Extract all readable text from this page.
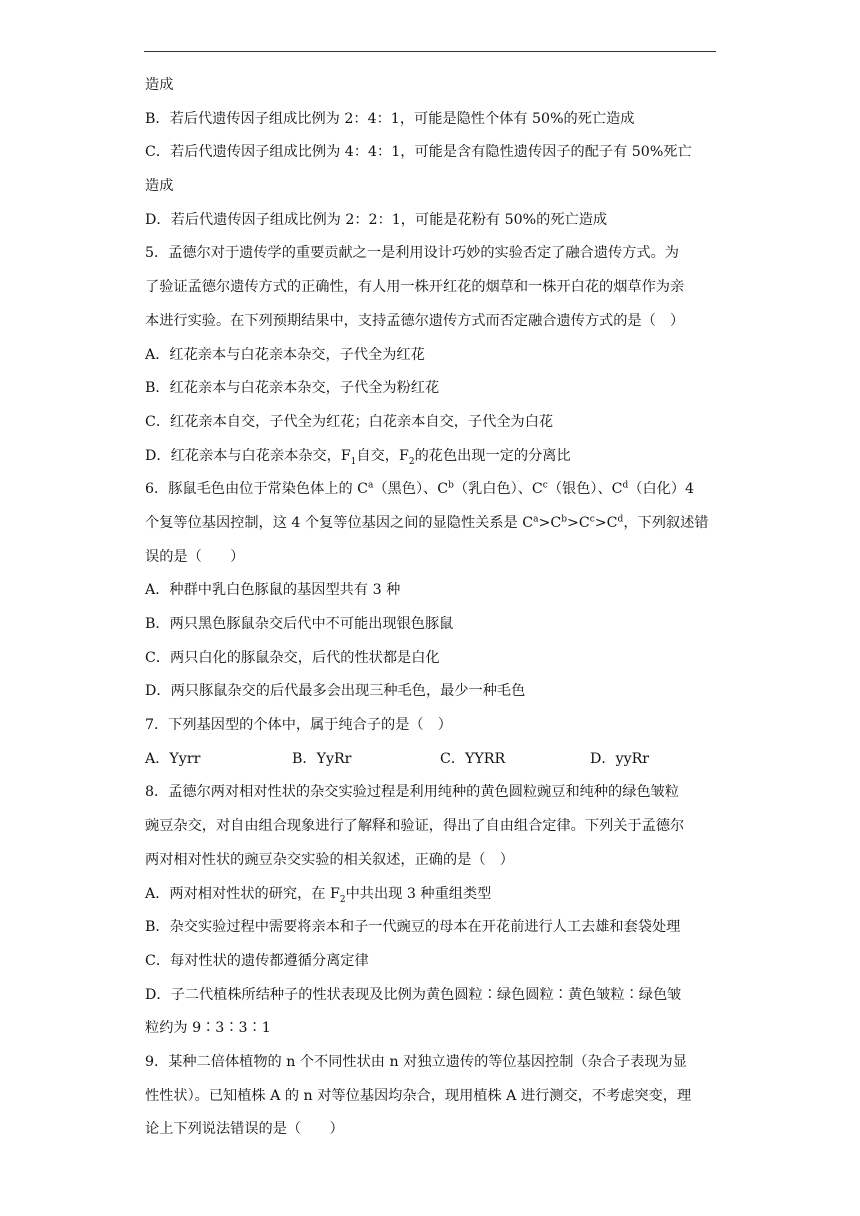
造成
B．若后代遗传因子组成比例为 2：4：1，可能是隐性个体有 50%的死亡造成
C．若后代遗传因子组成比例为 4：4：1，可能是含有隐性遗传因子的配子有 50%死亡
造成
D．若后代遗传因子组成比例为 2：2：1，可能是花粉有 50%的死亡造成
5．孟德尔对于遗传学的重要贡献之一是利用设计巧妙的实验否定了融合遗传方式。为
了验证孟德尔遗传方式的正确性，有人用一株开红花的烟草和一株开白花的烟草作为亲
本进行实验。在下列预期结果中，支持孟德尔遗传方式而否定融合遗传方式的是（　）
A．红花亲本与白花亲本杂交，子代全为红花
B．红花亲本与白花亲本杂交，子代全为粉红花
C．红花亲本自交，子代全为红花；白花亲本自交，子代全为白花
D．红花亲本与白花亲本杂交，$F_1$自交，$F_2$的花色出现一定的分离比
6．豚鼠毛色由位于常染色体上的 $C^a$（黑色）、$C^b$（乳白色）、$C^c$（银色）、$C^d$（白化）4
个复等位基因控制，这 4 个复等位基因之间的显隐性关系是 $C^a>C^b>C^c>C^d$，下列叙述错
误的是（　　）
A．种群中乳白色豚鼠的基因型共有 3 种
B．两只黑色豚鼠杂交后代中不可能出现银色豚鼠
C．两只白化的豚鼠杂交，后代的性状都是白化
D．两只豚鼠杂交的后代最多会出现三种毛色，最少一种毛色
7．下列基因型的个体中，属于纯合子的是（　）
A．Yyrr	B．YyRr	C．YYRR	D．yyRr
8．孟德尔两对相对性状的杂交实验过程是利用纯种的黄色圆粒豌豆和纯种的绿色皱粒
豌豆杂交，对自由组合现象进行了解释和验证，得出了自由组合定律。下列关于孟德尔
两对相对性状的豌豆杂交实验的相关叙述，正确的是（　）
A．两对相对性状的研究，在 $F_2$中共出现 3 种重组类型
B．杂交实验过程中需要将亲本和子一代豌豆的母本在开花前进行人工去雄和套袋处理
C．每对性状的遗传都遵循分离定律
D．子二代植株所结种子的性状表现及比例为黄色圆粒∶绿色圆粒∶黄色皱粒∶绿色皱
粒约为 9∶3∶3∶1
9．某种二倍体植物的 n 个不同性状由 n 对独立遗传的等位基因控制（杂合子表现为显
性性状）。已知植株 A 的 n 对等位基因均杂合，现用植株 A 进行测交，不考虑突变，理
论上下列说法错误的是（　　）
